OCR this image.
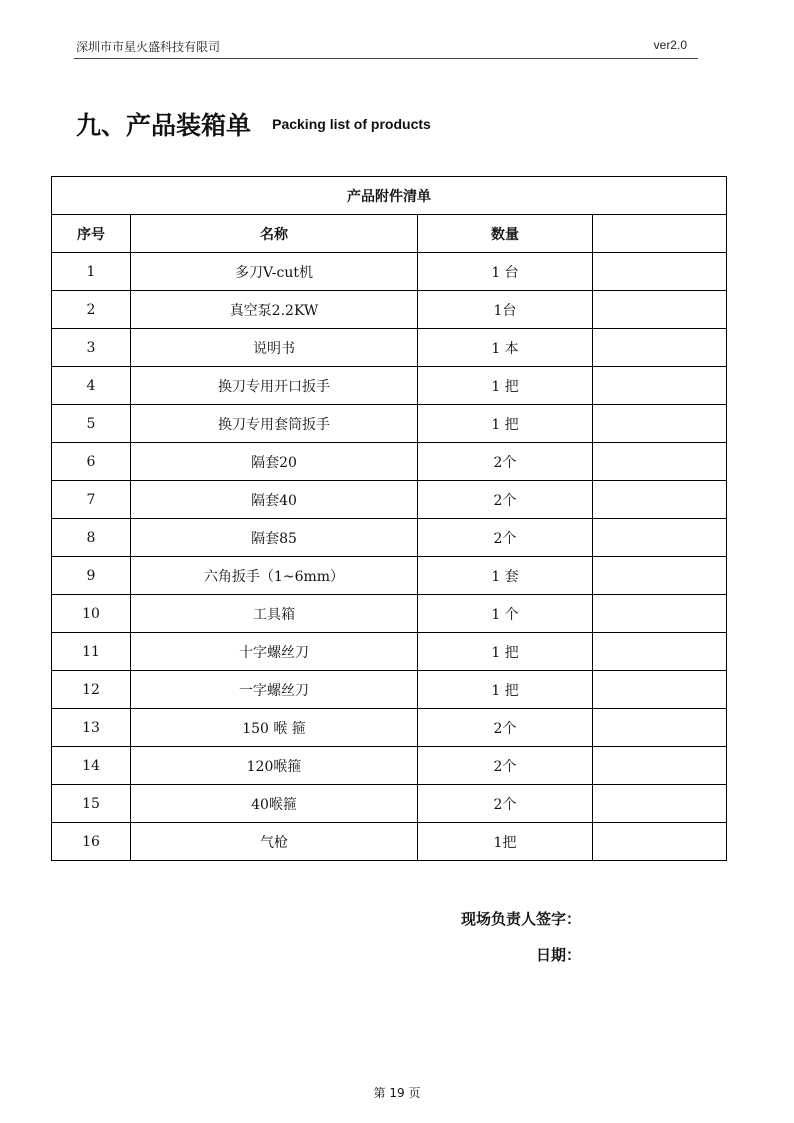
深圳市市星火盛科技有限司	ver2.0
九、产品装箱单 Packing list of products
产品附件清单			
序号	名称	数量	
1	多刀V-cut机	1 台	
2	真空泵2.2KW	1台	
3	说明书	1 本	
4	换刀专用开口扳手	1 把	
5	换刀专用套筒扳手	1 把	
6	隔套20	2个	
7	隔套40	2个	
8	隔套85	2个	
9	六角扳手（1~6mm）	1 套	
10	工具箱	1 个	
11	十字螺丝刀	1 把	
12	一字螺丝刀	1 把	
13	150 喉 箍	2个	
14	120喉箍	2个	
15	40喉箍	2个	
16	气枪	1把	
现场负责人签字：
日期：
第 19 页
